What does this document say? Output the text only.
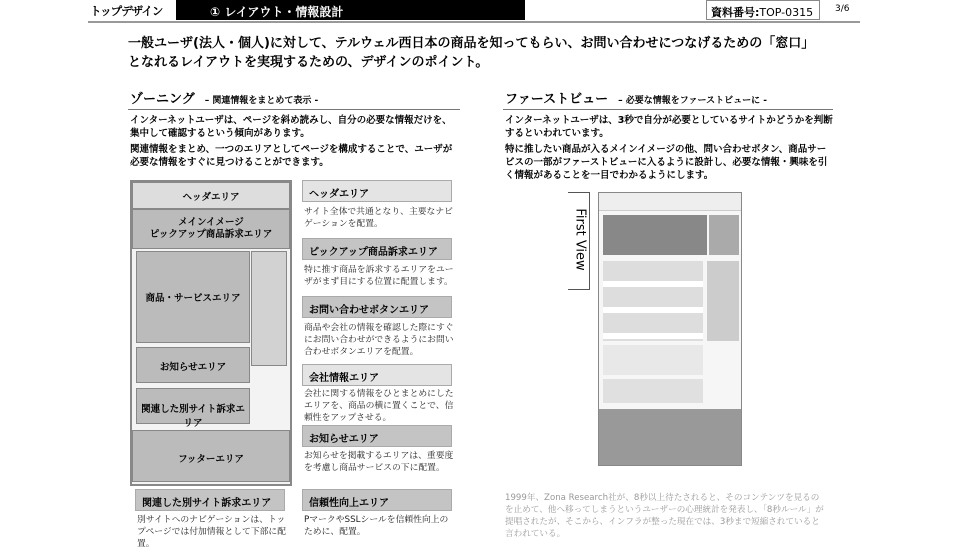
トップデザイン	① レイアウト・情報設計	資料番号:TOP-0315	3/6
一般ユーザ(法人・個人)に対して、テルウェル西日本の商品を知ってもらい、お問い合わせにつなげるための「窓口」となれるレイアウトを実現するための、デザインのポイント。
ゾーニング – 関連情報をまとめて表示 -

インターネットユーザは、ページを斜め読みし、自分の必要な情報だけを、集中して確認するという傾向があります。

関連情報をまとめ、一つのエリアとしてページを構成することで、ユーザが必要な情報をすぐに見つけることができます。

ヘッダエリア
メインイメージ
ピックアップ商品訴求エリア
商品・サービスエリア
お知らせエリア
関連した別サイト訴求エリア
フッターエリア
ヘッダエリア
サイト全体で共通となり、主要なナビゲーションを配置。
ピックアップ商品訴求エリア
特に推す商品を訴求するエリアをユーザがまず目にする位置に配置します。
お問い合わせボタンエリア
商品や会社の情報を確認した際にすぐにお問い合わせができるようにお問い合わせボタンエリアを配置。
会社情報エリア
会社に関する情報をひとまとめにしたエリアを、商品の横に置くことで、信頼性をアップさせる。
お知らせエリア
お知らせを掲載するエリアは、重要度を考慮し商品サービスの下に配置。
信頼性向上エリア
PマークやSSLシールを信頼性向上のために、配置。
関連した別サイト訴求エリア
別サイトへのナビゲーションは、トップページでは付加情報として下部に配置。
ファーストビュー – 必要な情報をファーストビューに -

インターネットユーザは、3秒で自分が必要としているサイトかどうかを判断するといわれています。

特に推したい商品が入るメインイメージの他、問い合わせボタン、商品サービスの一部がファーストビューに入るように設計し、必要な情報・興味を引く情報があることを一目でわかるようにします。

First View
1999年、Zona Research社が、8秒以上待たされると、そのコンテンツを見るのを止めて、他へ移ってしまうというユーザーの心理統計を発表し、「8秒ルール」が提唱されたが、そこから、インフラが整った現在では、3秒まで短縮されていると言われている。
